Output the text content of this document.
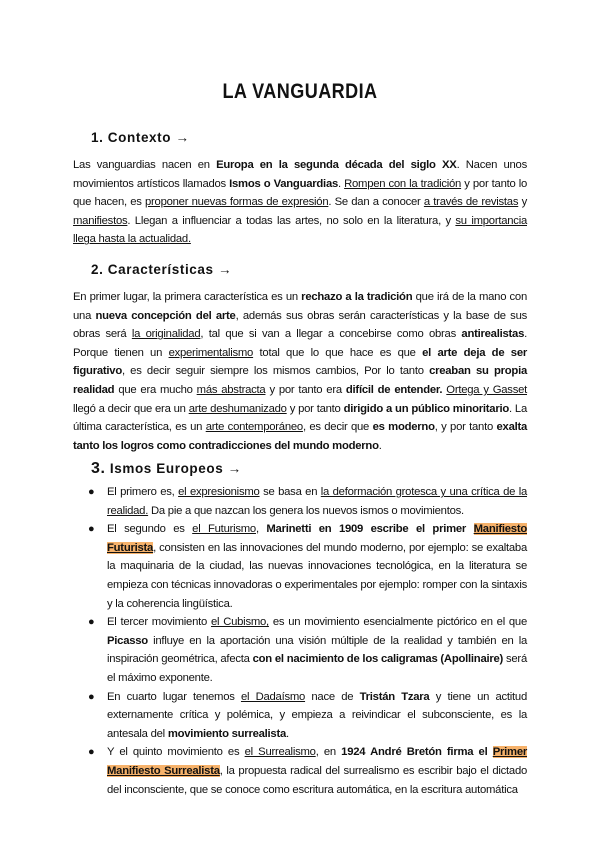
LA VANGUARDIA
1. Contexto →
Las vanguardias nacen en Europa en la segunda década del siglo XX. Nacen unos movimientos artísticos llamados Ismos o Vanguardias. Rompen con la tradición y por tanto lo que hacen, es proponer nuevas formas de expresión. Se dan a conocer a través de revistas y manifiestos. Llegan a influenciar a todas las artes, no solo en la literatura, y su importancia llega hasta la actualidad.
2. Características →
En primer lugar, la primera característica es un rechazo a la tradición que irá de la mano con una nueva concepción del arte, además sus obras serán características y la base de sus obras será la originalidad, tal que si van a llegar a concebirse como obras antirealistas. Porque tienen un experimentalismo total que lo que hace es que el arte deja de ser figurativo, es decir seguir siempre los mismos cambios, Por lo tanto creaban su propia realidad que era mucho más abstracta y por tanto era difícil de entender. Ortega y Gasset llegó a decir que era un arte deshumanizado y por tanto dirigido a un público minoritario. La última característica, es un arte contemporáneo, es decir que es moderno, y por tanto exalta tanto los logros como contradicciones del mundo moderno.
3. Ismos Europeos →
● El primero es, el expresionismo se basa en la deformación grotesca y una crítica de la realidad. Da pie a que nazcan los genera los nuevos ismos o movimientos.
● El segundo es el Futurismo, Marinetti en 1909 escribe el primer Manifiesto Futurista, consisten en las innovaciones del mundo moderno, por ejemplo: se exaltaba la maquinaria de la ciudad, las nuevas innovaciones tecnológica, en la literatura se empieza con técnicas innovadoras o experimentales por ejemplo: romper con la sintaxis y la coherencia lingüística.
● El tercer movimiento el Cubismo, es un movimiento esencialmente pictórico en el que Picasso influye en la aportación una visión múltiple de la realidad y también en la inspiración geométrica, afecta con el nacimiento de los caligramas (Apollinaire) será el máximo exponente.
● En cuarto lugar tenemos el Dadaísmo nace de Tristán Tzara y tiene un actitud externamente crítica y polémica, y empieza a reivindicar el subconsciente, es la antesala del movimiento surrealista.
● Y el quinto movimiento es el Surrealismo, en 1924 André Bretón firma el Primer Manifiesto Surrealista, la propuesta radical del surrealismo es escribir bajo el dictado del inconsciente, que se conoce como escritura automática, en la escritura automática
